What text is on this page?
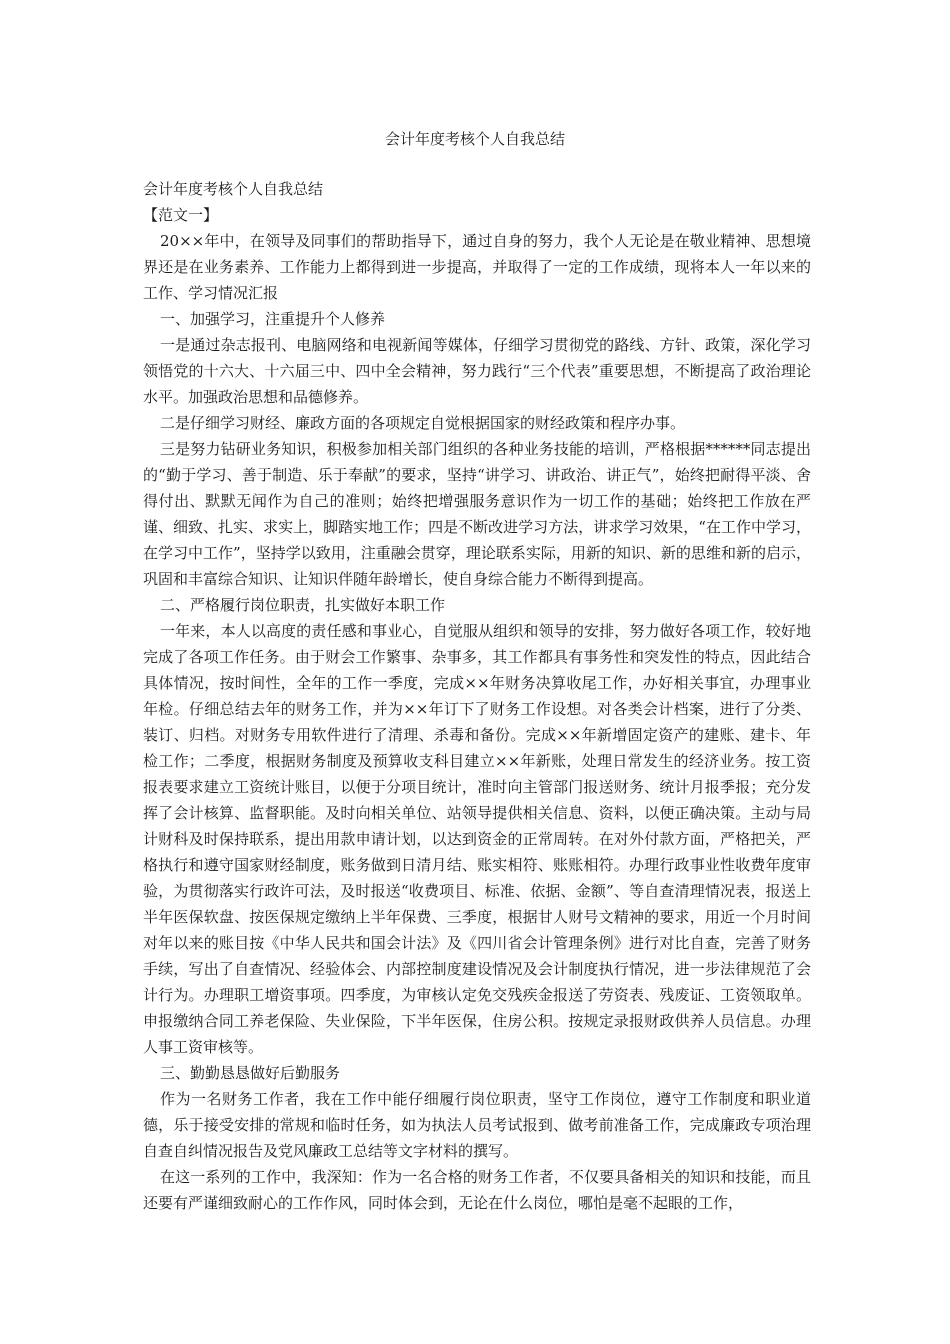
会计年度考核个人自我总结

会计年度考核个人自我总结

【范文一】

20××年中，在领导及同事们的帮助指导下，通过自身的努力，我个人无论是在敬业精神、思想境界还是在业务素养、工作能力上都得到进一步提高，并取得了一定的工作成绩，现将本人一年以来的工作、学习情况汇报

一、加强学习，注重提升个人修养

一是通过杂志报刊、电脑网络和电视新闻等媒体，仔细学习贯彻党的路线、方针、政策，深化学习领悟党的十六大、十六届三中、四中全会精神，努力践行“三个代表”重要思想，不断提高了政治理论水平。加强政治思想和品德修养。

二是仔细学习财经、廉政方面的各项规定自觉根据国家的财经政策和程序办事。

三是努力钻研业务知识，积极参加相关部门组织的各种业务技能的培训，严格根据******同志提出的“勤于学习、善于制造、乐于奉献”的要求，坚持“讲学习、讲政治、讲正气”，始终把耐得平淡、舍得付出、默默无闻作为自己的准则；始终把增强服务意识作为一切工作的基础；始终把工作放在严谨、细致、扎实、求实上，脚踏实地工作；四是不断改进学习方法，讲求学习效果，“在工作中学习，在学习中工作”，坚持学以致用，注重融会贯穿，理论联系实际，用新的知识、新的思维和新的启示，巩固和丰富综合知识、让知识伴随年龄增长，使自身综合能力不断得到提高。

二、严格履行岗位职责，扎实做好本职工作

一年来，本人以高度的责任感和事业心，自觉服从组织和领导的安排，努力做好各项工作，较好地完成了各项工作任务。由于财会工作繁事、杂事多，其工作都具有事务性和突发性的特点，因此结合具体情况，按时间性，全年的工作一季度，完成××年财务决算收尾工作，办好相关事宜，办理事业年检。仔细总结去年的财务工作，并为××年订下了财务工作设想。对各类会计档案，进行了分类、装订、归档。对财务专用软件进行了清理、杀毒和备份。完成××年新增固定资产的建账、建卡、年检工作；二季度，根据财务制度及预算收支科目建立××年新账，处理日常发生的经济业务。按工资报表要求建立工资统计账目，以便于分项目统计，准时向主管部门报送财务、统计月报季报；充分发挥了会计核算、监督职能。及时向相关单位、站领导提供相关信息、资料，以便正确决策。主动与局计财科及时保持联系，提出用款申请计划，以达到资金的正常周转。在对外付款方面，严格把关，严格执行和遵守国家财经制度，账务做到日清月结、账实相符、账账相符。办理行政事业性收费年度审验，为贯彻落实行政许可法，及时报送“收费项目、标准、依据、金额”、等自查清理情况表，报送上半年医保软盘、按医保规定缴纳上半年保费、三季度，根据甘人财号文精神的要求，用近一个月时间对年以来的账目按《中华人民共和国会计法》及《四川省会计管理条例》进行对比自查，完善了财务手续，写出了自查情况、经验体会、内部控制度建设情况及会计制度执行情况，进一步法律规范了会计行为。办理职工增资事项。四季度，为审核认定免交残疾金报送了劳资表、残废证、工资领取单。申报缴纳合同工养老保险、失业保险，下半年医保，住房公积。按规定录报财政供养人员信息。办理人事工资审核等。

三、勤勤恳恳做好后勤服务

作为一名财务工作者，我在工作中能仔细履行岗位职责，坚守工作岗位，遵守工作制度和职业道德，乐于接受安排的常规和临时任务，如为执法人员考试报到、做考前准备工作，完成廉政专项治理自查自纠情况报告及党风廉政工总结等文字材料的撰写。

在这一系列的工作中，我深知：作为一名合格的财务工作者，不仅要具备相关的知识和技能，而且还要有严谨细致耐心的工作作风，同时体会到，无论在什么岗位，哪怕是毫不起眼的工作，
